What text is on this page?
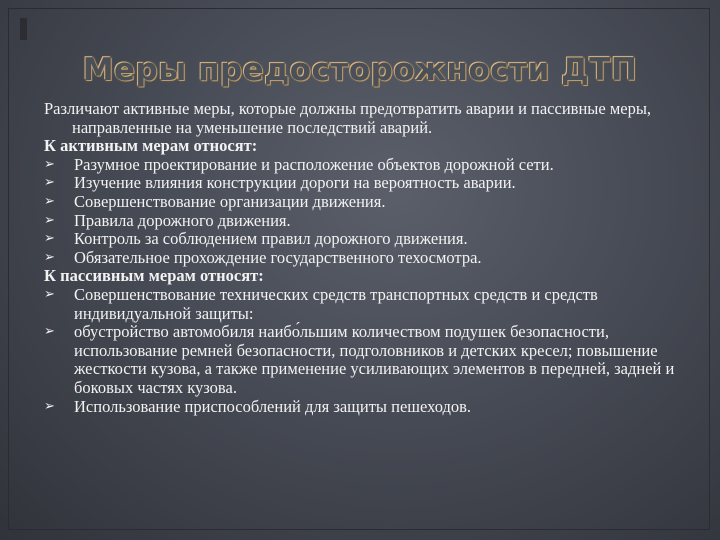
Меры предосторожности ДТП

Различают активные меры, которые должны предотвратить аварии и пассивные меры, направленные на уменьшение последствий аварий.

К активным мерам относят:

➢ Разумное проектирование и расположение объектов дорожной сети.
➢ Изучение влияния конструкции дороги на вероятность аварии.
➢ Совершенствование организации движения.
➢ Правила дорожного движения.
➢ Контроль за соблюдением правил дорожного движения.
➢ Обязательное прохождение государственного техосмотра.

К пассивным мерам относят:

➢ Совершенствование технических средств транспортных средств и средств индивидуальной защиты:
➢ обустройство автомобиля наибо́льшим количеством подушек безопасности, использование ремней безопасности, подголовников и детских кресел; повышение жесткости кузова, а также применение усиливающих элементов в передней, задней и боковых частях кузова.
➢ Использование приспособлений для защиты пешеходов.
